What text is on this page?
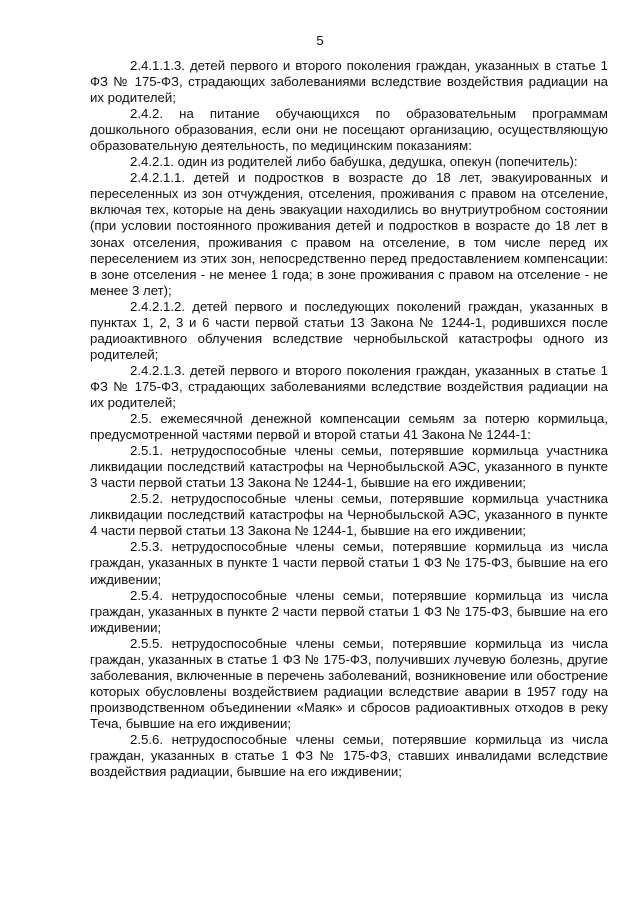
5

2.4.1.1.3. детей первого и второго поколения граждан, указанных в статье 1 ФЗ № 175-ФЗ, страдающих заболеваниями вследствие воздействия радиации на их родителей;

2.4.2. на питание обучающихся по образовательным программам дошкольного образования, если они не посещают организацию, осуществляющую образовательную деятельность, по медицинским показаниям:

2.4.2.1. один из родителей либо бабушка, дедушка, опекун (попечитель):

2.4.2.1.1. детей и подростков в возрасте до 18 лет, эвакуированных и переселенных из зон отчуждения, отселения, проживания с правом на отселение, включая тех, которые на день эвакуации находились во внутриутробном состоянии (при условии постоянного проживания детей и подростков в возрасте до 18 лет в зонах отселения, проживания с правом на отселение, в том числе перед их переселением из этих зон, непосредственно перед предоставлением компенсации: в зоне отселения - не менее 1 года; в зоне проживания с правом на отселение - не менее 3 лет);

2.4.2.1.2. детей первого и последующих поколений граждан, указанных в пунктах 1, 2, 3 и 6 части первой статьи 13 Закона № 1244-1, родившихся после радиоактивного облучения вследствие чернобыльской катастрофы одного из родителей;

2.4.2.1.3. детей первого и второго поколения граждан, указанных в статье 1 ФЗ № 175-ФЗ, страдающих заболеваниями вследствие воздействия радиации на их родителей;

2.5. ежемесячной денежной компенсации семьям за потерю кормильца, предусмотренной частями первой и второй статьи 41 Закона № 1244-1:

2.5.1. нетрудоспособные члены семьи, потерявшие кормильца участника ликвидации последствий катастрофы на Чернобыльской АЭС, указанного в пункте 3 части первой статьи 13 Закона № 1244-1, бывшие на его иждивении;

2.5.2. нетрудоспособные члены семьи, потерявшие кормильца участника ликвидации последствий катастрофы на Чернобыльской АЭС, указанного в пункте 4 части первой статьи 13 Закона № 1244-1, бывшие на его иждивении;

2.5.3. нетрудоспособные члены семьи, потерявшие кормильца из числа граждан, указанных в пункте 1 части первой статьи 1 ФЗ № 175-ФЗ, бывшие на его иждивении;

2.5.4. нетрудоспособные члены семьи, потерявшие кормильца из числа граждан, указанных в пункте 2 части первой статьи 1 ФЗ № 175-ФЗ, бывшие на его иждивении;

2.5.5. нетрудоспособные члены семьи, потерявшие кормильца из числа граждан, указанных в статье 1 ФЗ № 175-ФЗ, получивших лучевую болезнь, другие заболевания, включенные в перечень заболеваний, возникновение или обострение которых обусловлены воздействием радиации вследствие аварии в 1957 году на производственном объединении «Маяк» и сбросов радиоактивных отходов в реку Теча, бывшие на его иждивении;

2.5.6. нетрудоспособные члены семьи, потерявшие кормильца из числа граждан, указанных в статье 1 ФЗ № 175-ФЗ, ставших инвалидами вследствие воздействия радиации, бывшие на его иждивении;
